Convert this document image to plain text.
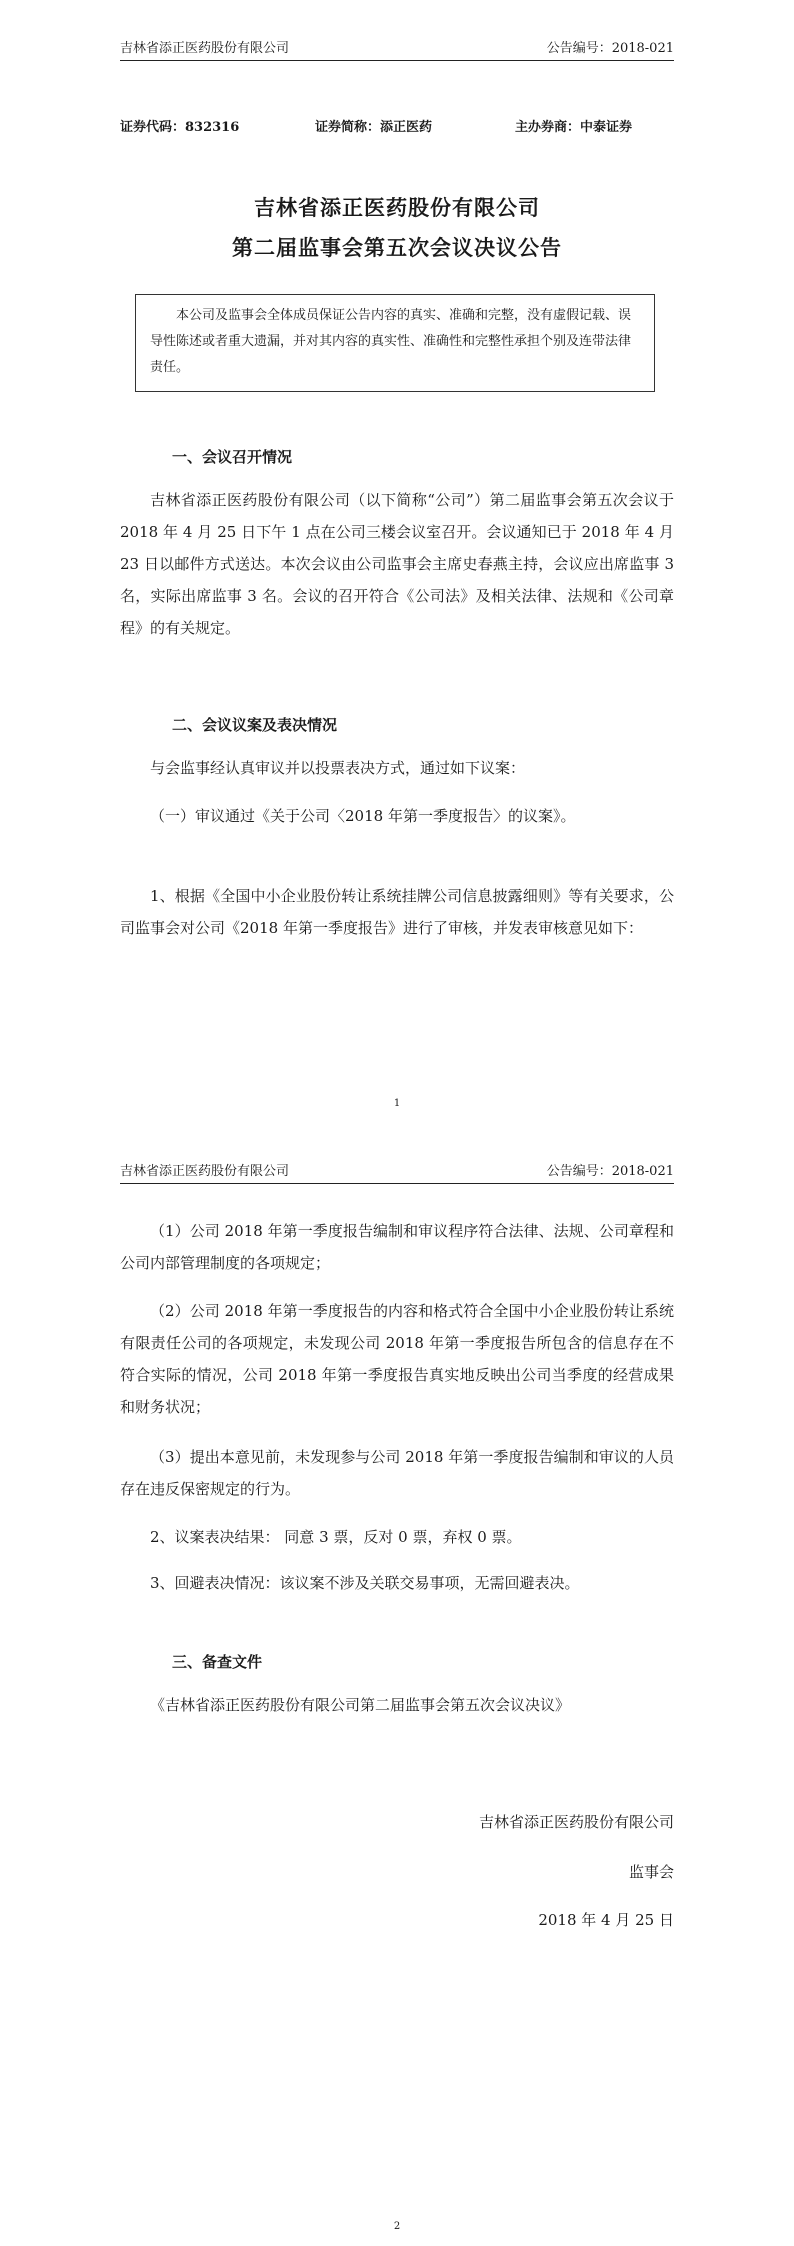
吉林省添正医药股份有限公司	公告编号：2018-021
证券代码：832316	证券简称：添正医药	主办券商：中泰证券
吉林省添正医药股份有限公司
第二届监事会第五次会议决议公告
本公司及监事会全体成员保证公告内容的真实、准确和完整，没有虚假记载、误导性陈述或者重大遗漏，并对其内容的真实性、准确性和完整性承担个别及连带法律责任。
一、会议召开情况
吉林省添正医药股份有限公司（以下简称“公司”）第二届监事会第五次会议于 2018 年 4 月 25 日下午 1 点在公司三楼会议室召开。会议通知已于 2018 年 4 月 23 日以邮件方式送达。本次会议由公司监事会主席史春燕主持，会议应出席监事 3 名，实际出席监事 3 名。会议的召开符合《公司法》及相关法律、法规和《公司章程》的有关规定。
二、会议议案及表决情况
与会监事经认真审议并以投票表决方式，通过如下议案：
（一）审议通过《关于公司〈2018 年第一季度报告〉的议案》。
1、根据《全国中小企业股份转让系统挂牌公司信息披露细则》等有关要求，公司监事会对公司《2018 年第一季度报告》进行了审核，并发表审核意见如下：
1
吉林省添正医药股份有限公司	公告编号：2018-021
（1）公司 2018 年第一季度报告编制和审议程序符合法律、法规、公司章程和公司内部管理制度的各项规定；
（2）公司 2018 年第一季度报告的内容和格式符合全国中小企业股份转让系统有限责任公司的各项规定，未发现公司 2018 年第一季度报告所包含的信息存在不符合实际的情况，公司 2018 年第一季度报告真实地反映出公司当季度的经营成果和财务状况；
（3）提出本意见前，未发现参与公司 2018 年第一季度报告编制和审议的人员存在违反保密规定的行为。
2、议案表决结果： 同意 3 票，反对 0 票，弃权 0 票。
3、回避表决情况：该议案不涉及关联交易事项，无需回避表决。
三、备查文件
《吉林省添正医药股份有限公司第二届监事会第五次会议决议》
吉林省添正医药股份有限公司
监事会
2018 年 4 月 25 日
2
